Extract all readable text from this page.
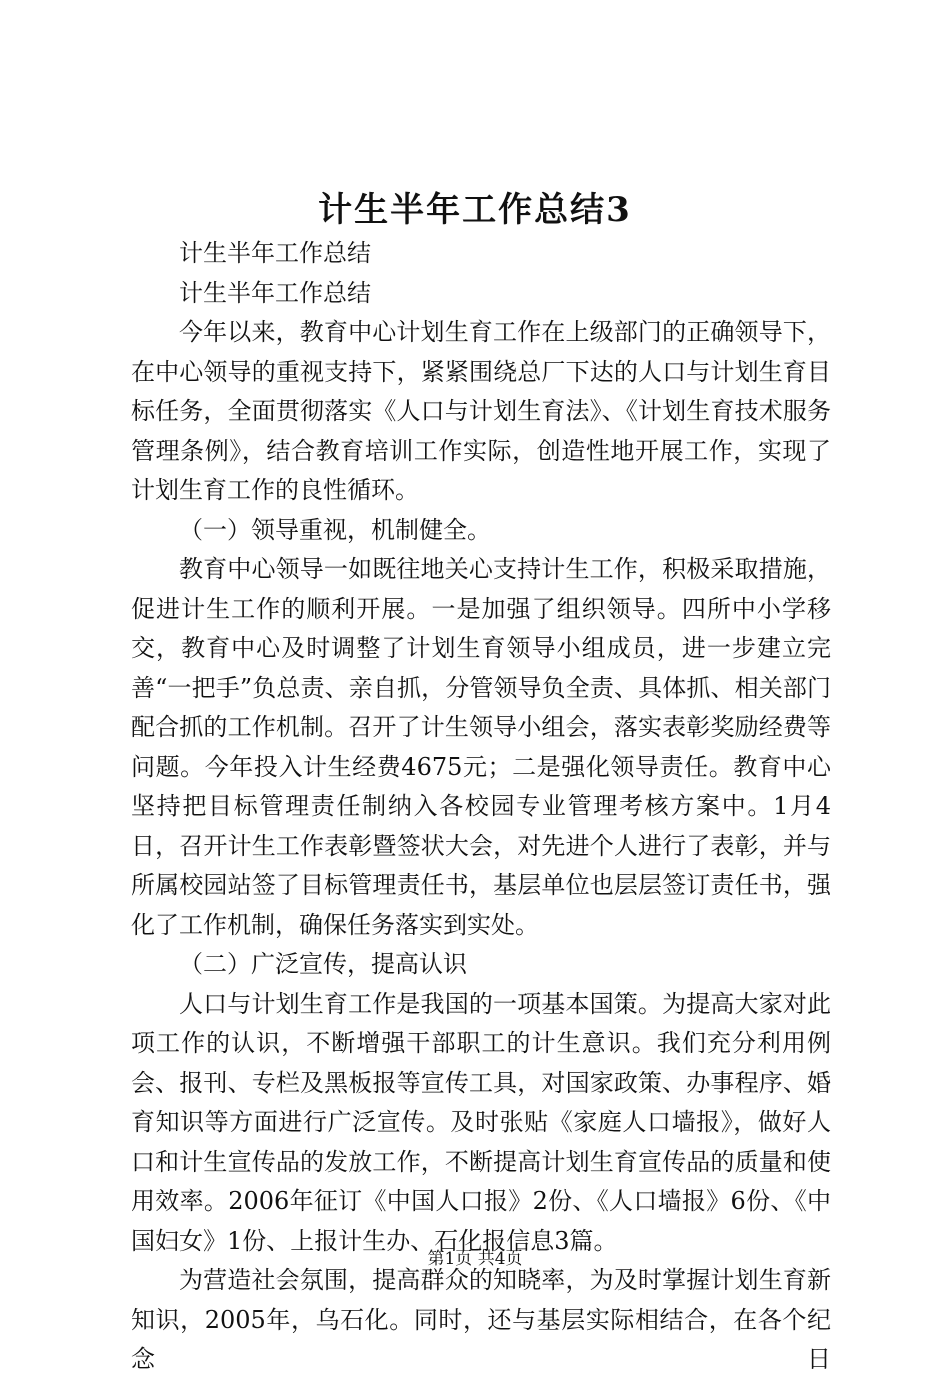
计生半年工作总结3

计生半年工作总结

计生半年工作总结

今年以来，教育中心计划生育工作在上级部门的正确领导下，在中心领导的重视支持下，紧紧围绕总厂下达的人口与计划生育目标任务，全面贯彻落实《人口与计划生育法》、《计划生育技术服务管理条例》，结合教育培训工作实际，创造性地开展工作，实现了计划生育工作的良性循环。

（一）领导重视，机制健全。

教育中心领导一如既往地关心支持计生工作，积极采取措施，促进计生工作的顺利开展。一是加强了组织领导。四所中小学移交，教育中心及时调整了计划生育领导小组成员，进一步建立完善“一把手”负总责、亲自抓，分管领导负全责、具体抓、相关部门配合抓的工作机制。召开了计生领导小组会，落实表彰奖励经费等问题。今年投入计生经费4675元；二是强化领导责任。教育中心坚持把目标管理责任制纳入各校园专业管理考核方案中。1月4日，召开计生工作表彰暨签状大会，对先进个人进行了表彰，并与所属校园站签了目标管理责任书，基层单位也层层签订责任书，强化了工作机制，确保任务落实到实处。

（二）广泛宣传，提高认识

人口与计划生育工作是我国的一项基本国策。为提高大家对此项工作的认识，不断增强干部职工的计生意识。我们充分利用例会、报刊、专栏及黑板报等宣传工具，对国家政策、办事程序、婚育知识等方面进行广泛宣传。及时张贴《家庭人口墙报》，做好人口和计生宣传品的发放工作，不断提高计划生育宣传品的质量和使用效率。2006年征订《中国人口报》2份、《人口墙报》6份、《中国妇女》1份、上报计生办、石化报信息3篇。

为营造社会氛围，提高群众的知晓率，为及时掌握计划生育新知识，2005年，乌石化。同时，还与基层实际相结合，在各个纪念日

第1页 共4页
